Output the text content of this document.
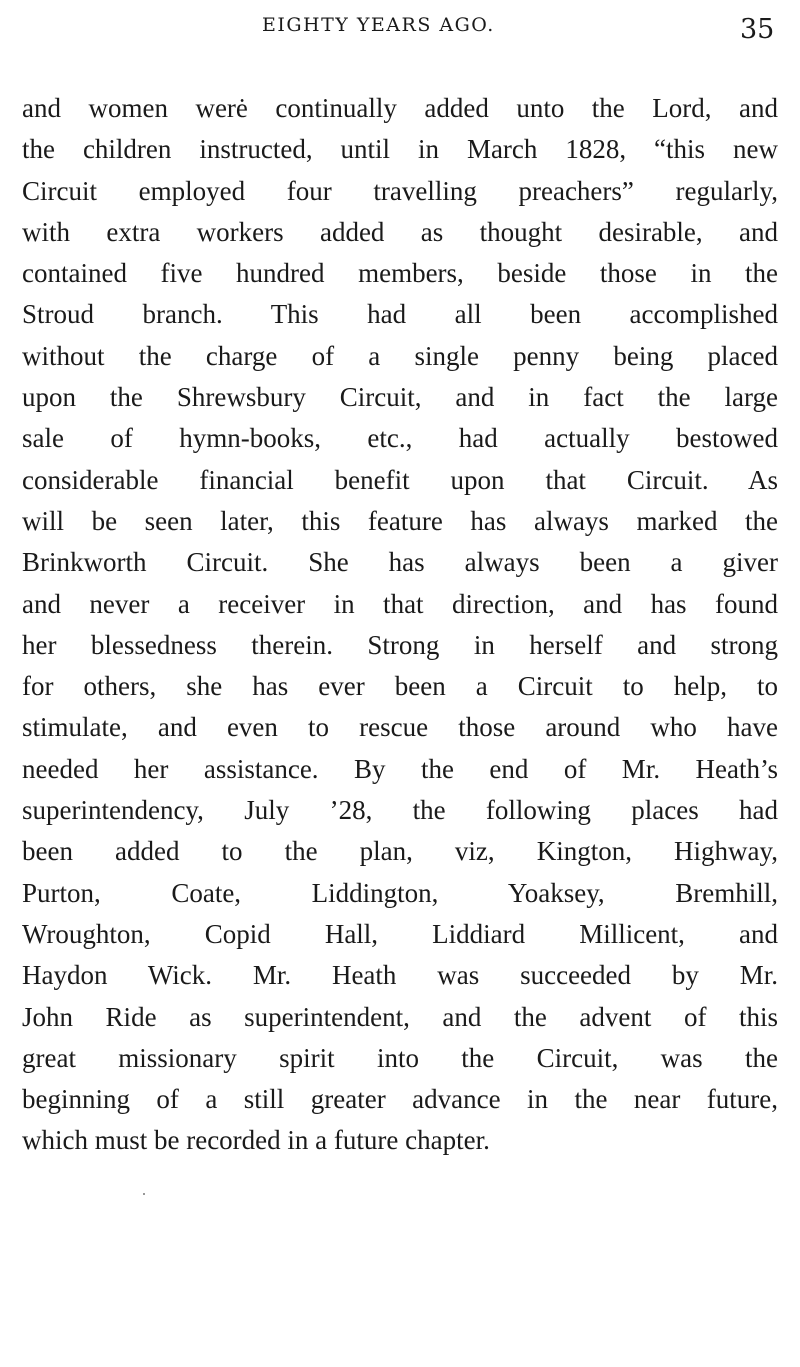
EIGHTY YEARS AGO.	35
and women werė continually added unto the Lord, and
the children instructed, until in March 1828, “this new
Circuit employed four travelling preachers” regularly,
with extra workers added as thought desirable, and
contained five hundred members, beside those in the
Stroud branch. This had all been accomplished
without the charge of a single penny being placed
upon the Shrewsbury Circuit, and in fact the large
sale of hymn-books, etc., had actually bestowed
considerable financial benefit upon that Circuit. As
will be seen later, this feature has always marked the
Brinkworth Circuit. She has always been a giver
and never a receiver in that direction, and has found
her blessedness therein. Strong in herself and strong
for others, she has ever been a Circuit to help, to
stimulate, and even to rescue those around who have
needed her assistance. By the end of Mr. Heath’s
superintendency, July ’28, the following places had
been added to the plan, viz, Kington, Highway,
Purton, Coate, Liddington, Yoaksey, Bremhill,
Wroughton, Copid Hall, Liddiard Millicent, and
Haydon Wick. Mr. Heath was succeeded by Mr.
John Ride as superintendent, and the advent of this
great missionary spirit into the Circuit, was the
beginning of a still greater advance in the near future,
which must be recorded in a future chapter.
